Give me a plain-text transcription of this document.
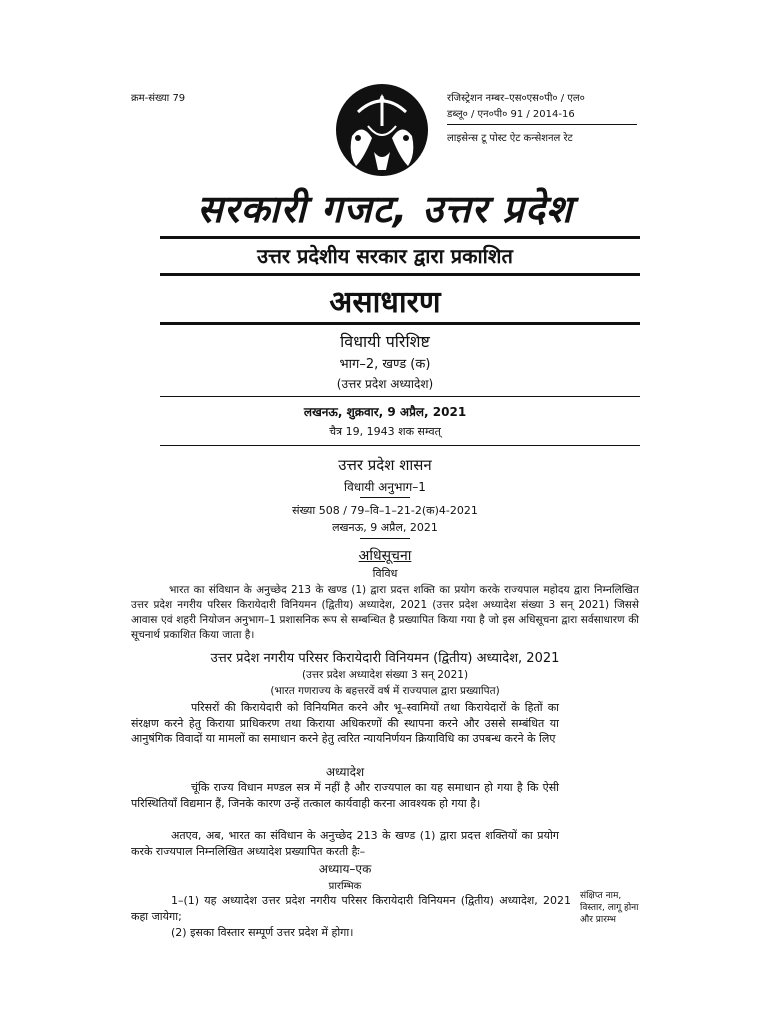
क्रम-संख्या 79	रजिस्ट्रेशन नम्बर–एस०एस०पी० / एल०
डब्लू० / एन०पी० 91 / 2014-16
लाइसेन्स टू पोस्ट ऐट कन्सेशनल रेट
सरकारी गजट, उत्तर प्रदेश
उत्तर प्रदेशीय सरकार द्वारा प्रकाशित
असाधारण
विधायी परिशिष्ट
भाग–2, खण्ड (क)
(उत्तर प्रदेश अध्यादेश)
लखनऊ, शुक्रवार, 9 अप्रैल, 2021
चैत्र 19, 1943 शक सम्वत्
उत्तर प्रदेश शासन
विधायी अनुभाग–1
संख्या 508 / 79–वि–1–21-2(क)4-2021
लखनऊ, 9 अप्रैल, 2021
अधिसूचना
विविध
भारत का संविधान के अनुच्छेद 213 के खण्ड (1) द्वारा प्रदत्त शक्ति का प्रयोग करके राज्यपाल महोदय द्वारा निम्नलिखित उत्तर प्रदेश नगरीय परिसर किरायेदारी विनियमन (द्वितीय) अध्यादेश, 2021 (उत्तर प्रदेश अध्यादेश संख्या 3 सन् 2021) जिससे आवास एवं शहरी नियोजन अनुभाग–1 प्रशासनिक रूप से सम्बन्धित है प्रख्यापित किया गया है जो इस अधिसूचना द्वारा सर्वसाधारण की सूचनार्थ प्रकाशित किया जाता है।
उत्तर प्रदेश नगरीय परिसर किरायेदारी विनियमन (द्वितीय) अध्यादेश, 2021
(उत्तर प्रदेश अध्यादेश संख्या 3 सन् 2021)
(भारत गणराज्य के बहत्तरवें वर्ष में राज्यपाल द्वारा प्रख्यापित)
परिसरों की किरायेदारी को विनियमित करने और भू–स्वामियों तथा किरायेदारों के हितों का संरक्षण करने हेतु किराया प्राधिकरण तथा किराया अधिकरणों की स्थापना करने और उससे सम्बंधित या आनुषंगिक विवादों या मामलों का समाधान करने हेतु त्वरित न्यायनिर्णयन क्रियाविधि का उपबन्ध करने के लिए
अध्यादेश
चूंकि राज्य विधान मण्डल सत्र में नहीं है और राज्यपाल का यह समाधान हो गया है कि ऐसी परिस्थितियाँ विद्यमान हैं, जिनके कारण उन्हें तत्काल कार्यवाही करना आवश्यक हो गया है।
अतएव, अब, भारत का संविधान के अनुच्छेद 213 के खण्ड (1) द्वारा प्रदत्त शक्तियों का प्रयोग करके राज्यपाल निम्नलिखित अध्यादेश प्रख्यापित करती हैः–
अध्याय–एक
प्रारम्भिक
1–(1) यह अध्यादेश उत्तर प्रदेश नगरीय परिसर किरायेदारी विनियमन (द्वितीय) अध्यादेश, 2021 कहा जायेगा;
(2) इसका विस्तार सम्पूर्ण उत्तर प्रदेश में होगा।
संक्षिप्त नाम, विस्तार, लागू होना और प्रारम्भ
